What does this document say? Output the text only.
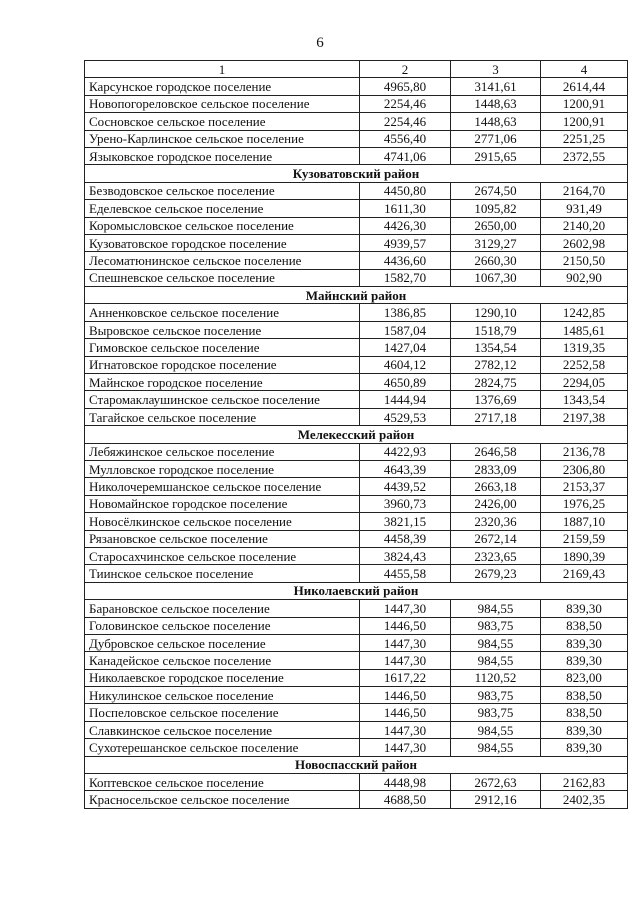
6
1	2	3	4
Карсунское городское поселение	4965,80	3141,61	2614,44
Новопогореловское сельское поселение	2254,46	1448,63	1200,91
Сосновское сельское поселение	2254,46	1448,63	1200,91
Урено-Карлинское сельское поселение	4556,40	2771,06	2251,25
Языковское городское поселение	4741,06	2915,65	2372,55
Кузоватовский район			
Безводовское сельское поселение	4450,80	2674,50	2164,70
Еделевское сельское поселение	1611,30	1095,82	931,49
Коромысловское сельское поселение	4426,30	2650,00	2140,20
Кузоватовское городское поселение	4939,57	3129,27	2602,98
Лесоматюнинское сельское поселение	4436,60	2660,30	2150,50
Спешневское сельское поселение	1582,70	1067,30	902,90
Майнский район			
Анненковское сельское поселение	1386,85	1290,10	1242,85
Выровское сельское поселение	1587,04	1518,79	1485,61
Гимовское сельское поселение	1427,04	1354,54	1319,35
Игнатовское городское поселение	4604,12	2782,12	2252,58
Майнское городское поселение	4650,89	2824,75	2294,05
Старомаклаушинское сельское поселение	1444,94	1376,69	1343,54
Тагайское сельское поселение	4529,53	2717,18	2197,38
Мелекесский район			
Лебяжинское сельское поселение	4422,93	2646,58	2136,78
Мулловское городское поселение	4643,39	2833,09	2306,80
Николочеремшанское сельское поселение	4439,52	2663,18	2153,37
Новомайнское городское поселение	3960,73	2426,00	1976,25
Новосёлкинское сельское поселение	3821,15	2320,36	1887,10
Рязановское сельское поселение	4458,39	2672,14	2159,59
Старосахчинское сельское поселение	3824,43	2323,65	1890,39
Тиинское сельское поселение	4455,58	2679,23	2169,43
Николаевский район			
Барановское сельское поселение	1447,30	984,55	839,30
Головинское сельское поселение	1446,50	983,75	838,50
Дубровское сельское поселение	1447,30	984,55	839,30
Канадейское сельское поселение	1447,30	984,55	839,30
Николаевское городское поселение	1617,22	1120,52	823,00
Никулинское сельское поселение	1446,50	983,75	838,50
Поспеловское сельское поселение	1446,50	983,75	838,50
Славкинское сельское поселение	1447,30	984,55	839,30
Сухотерешанское сельское поселение	1447,30	984,55	839,30
Новоспасский район			
Коптевское сельское поселение	4448,98	2672,63	2162,83
Красносельское сельское поселение	4688,50	2912,16	2402,35
